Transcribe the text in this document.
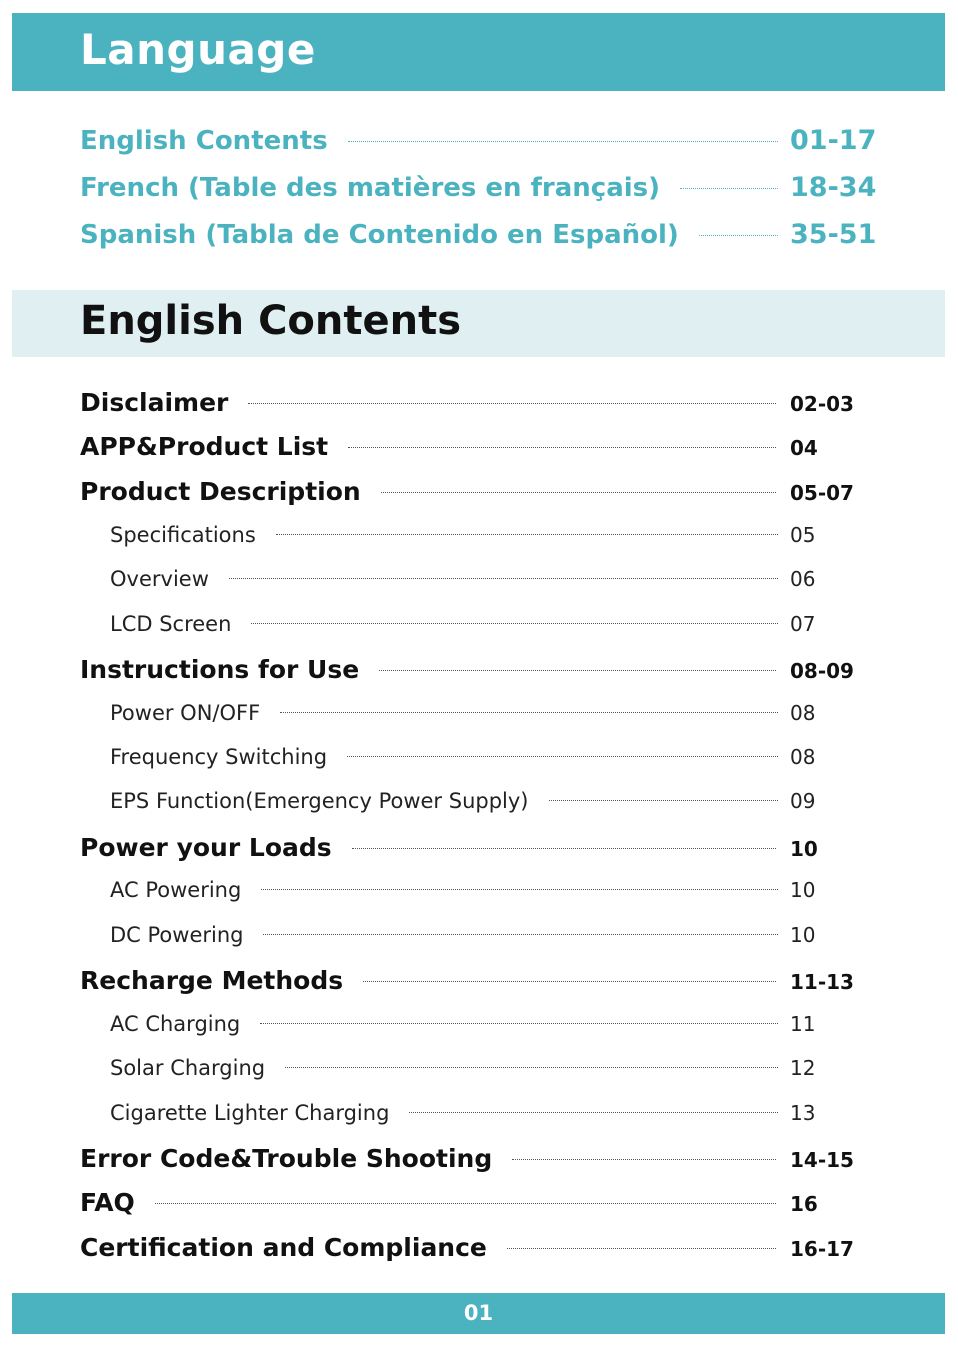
Language
English Contents	01-17
French (Table des matières en français)	18-34
Spanish (Tabla de Contenido en Español)	35-51
English Contents
Disclaimer	02-03
APP&Product List	04
Product Description	05-07
Specifications	05
Overview	06
LCD Screen	07
Instructions for Use	08-09
Power ON/OFF	08
Frequency Switching	08
EPS Function(Emergency Power Supply)	09
Power your Loads	10
AC Powering	10
DC Powering	10
Recharge Methods	11-13
AC Charging	11
Solar Charging	12
Cigarette Lighter Charging	13
Error Code&Trouble Shooting	14-15
FAQ	16
Certification and Compliance	16-17
01
